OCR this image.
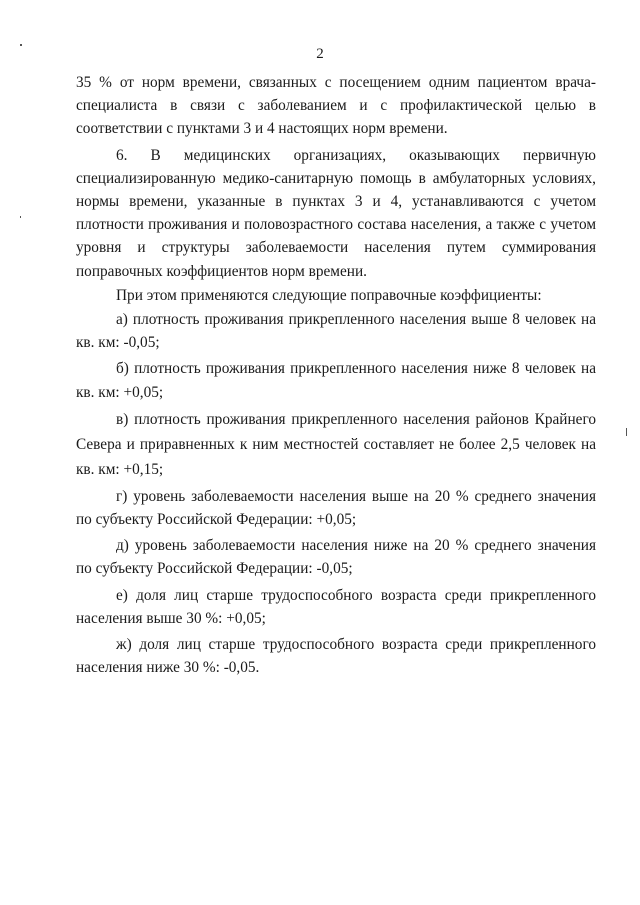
2

35 % от норм времени, связанных с посещением одним пациентом врача-специалиста в связи с заболеванием и с профилактической целью в соответствии с пунктами 3 и 4 настоящих норм времени.

6. В медицинских организациях, оказывающих первичную специализированную медико-санитарную помощь в амбулаторных условиях, нормы времени, указанные в пунктах 3 и 4, устанавливаются с учетом плотности проживания и половозрастного состава населения, а также с учетом уровня и структуры заболеваемости населения путем суммирования поправочных коэффициентов норм времени.

При этом применяются следующие поправочные коэффициенты:

а) плотность проживания прикрепленного населения выше 8 человек на кв. км: -0,05;

б) плотность проживания прикрепленного населения ниже 8 человек на кв. км: +0,05;

в) плотность проживания прикрепленного населения районов Крайнего Севера и приравненных к ним местностей составляет не более 2,5 человек на кв. км: +0,15;

г) уровень заболеваемости населения выше на 20 % среднего значения по субъекту Российской Федерации: +0,05;

д) уровень заболеваемости населения ниже на 20 % среднего значения по субъекту Российской Федерации: -0,05;

е) доля лиц старше трудоспособного возраста среди прикрепленного населения выше 30 %: +0,05;

ж) доля лиц старше трудоспособного возраста среди прикрепленного населения ниже 30 %: -0,05.
